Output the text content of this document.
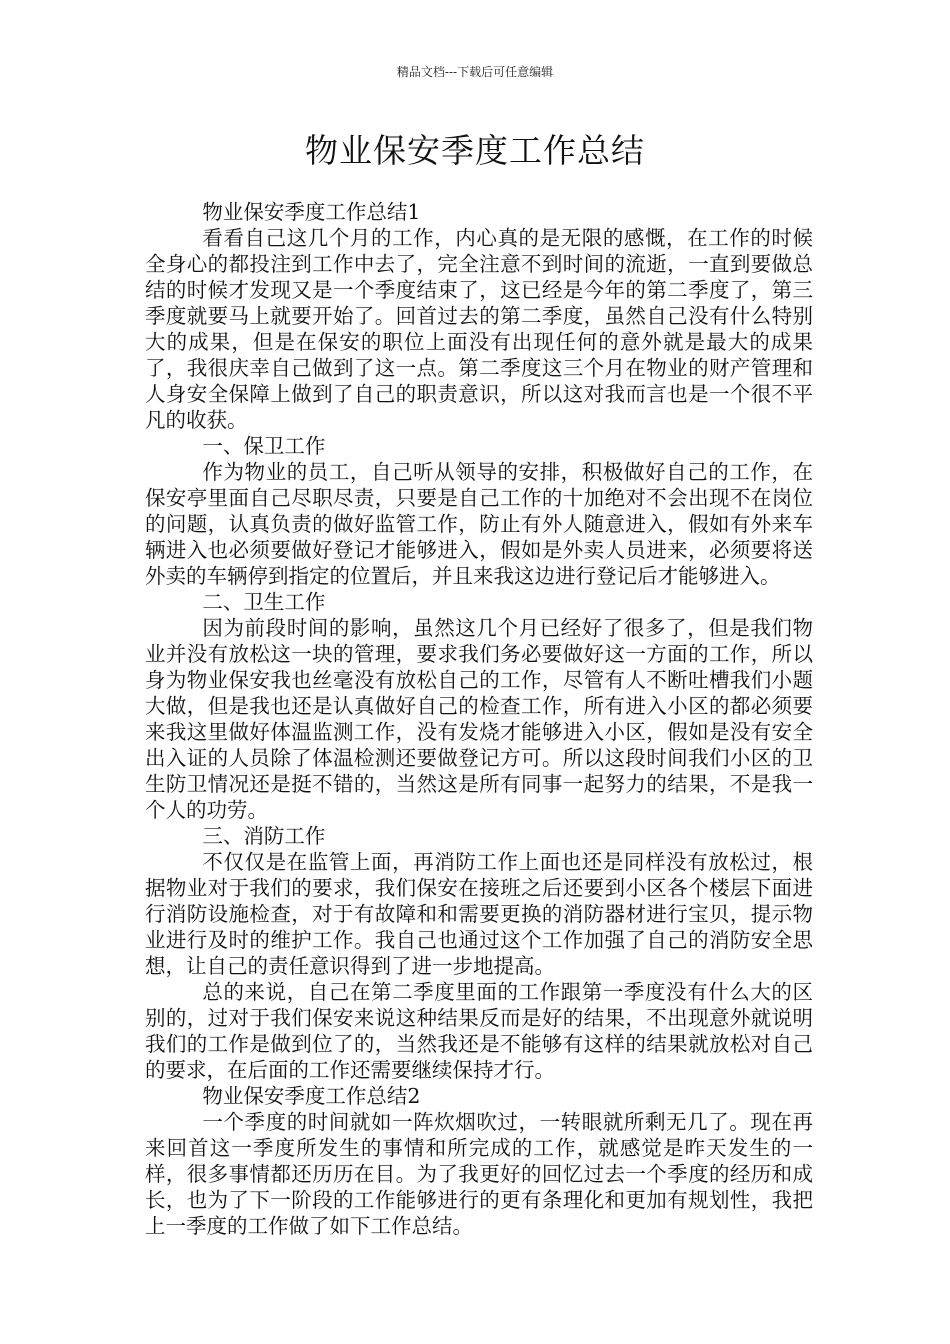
精品文档---下载后可任意编辑
物业保安季度工作总结

物业保安季度工作总结1

看看自己这几个月的工作，内心真的是无限的感慨，在工作的时候全身心的都投注到工作中去了，完全注意不到时间的流逝，一直到要做总结的时候才发现又是一个季度结束了，这已经是今年的第二季度了，第三季度就要马上就要开始了。回首过去的第二季度，虽然自己没有什么特别大的成果，但是在保安的职位上面没有出现任何的意外就是最大的成果了，我很庆幸自己做到了这一点。第二季度这三个月在物业的财产管理和人身安全保障上做到了自己的职责意识，所以这对我而言也是一个很不平凡的收获。

一、保卫工作

作为物业的员工，自己听从领导的安排，积极做好自己的工作，在保安亭里面自己尽职尽责，只要是自己工作的十加绝对不会出现不在岗位的问题，认真负责的做好监管工作，防止有外人随意进入，假如有外来车辆进入也必须要做好登记才能够进入，假如是外卖人员进来，必须要将送外卖的车辆停到指定的位置后，并且来我这边进行登记后才能够进入。

二、卫生工作

因为前段时间的影响，虽然这几个月已经好了很多了，但是我们物业并没有放松这一块的管理，要求我们务必要做好这一方面的工作，所以身为物业保安我也丝毫没有放松自己的工作，尽管有人不断吐槽我们小题大做，但是我也还是认真做好自己的检查工作，所有进入小区的都必须要来我这里做好体温监测工作，没有发烧才能够进入小区，假如是没有安全出入证的人员除了体温检测还要做登记方可。所以这段时间我们小区的卫生防卫情况还是挺不错的，当然这是所有同事一起努力的结果，不是我一个人的功劳。

三、消防工作

不仅仅是在监管上面，再消防工作上面也还是同样没有放松过，根据物业对于我们的要求，我们保安在接班之后还要到小区各个楼层下面进行消防设施检查，对于有故障和和需要更换的消防器材进行宝贝，提示物业进行及时的维护工作。我自己也通过这个工作加强了自己的消防安全思想，让自己的责任意识得到了进一步地提高。

总的来说，自己在第二季度里面的工作跟第一季度没有什么大的区别的，过对于我们保安来说这种结果反而是好的结果，不出现意外就说明我们的工作是做到位了的，当然我还是不能够有这样的结果就放松对自己的要求，在后面的工作还需要继续保持才行。

物业保安季度工作总结2

一个季度的时间就如一阵炊烟吹过，一转眼就所剩无几了。现在再来回首这一季度所发生的事情和所完成的工作，就感觉是昨天发生的一样，很多事情都还历历在目。为了我更好的回忆过去一个季度的经历和成长，也为了下一阶段的工作能够进行的更有条理化和更加有规划性，我把上一季度的工作做了如下工作总结。
